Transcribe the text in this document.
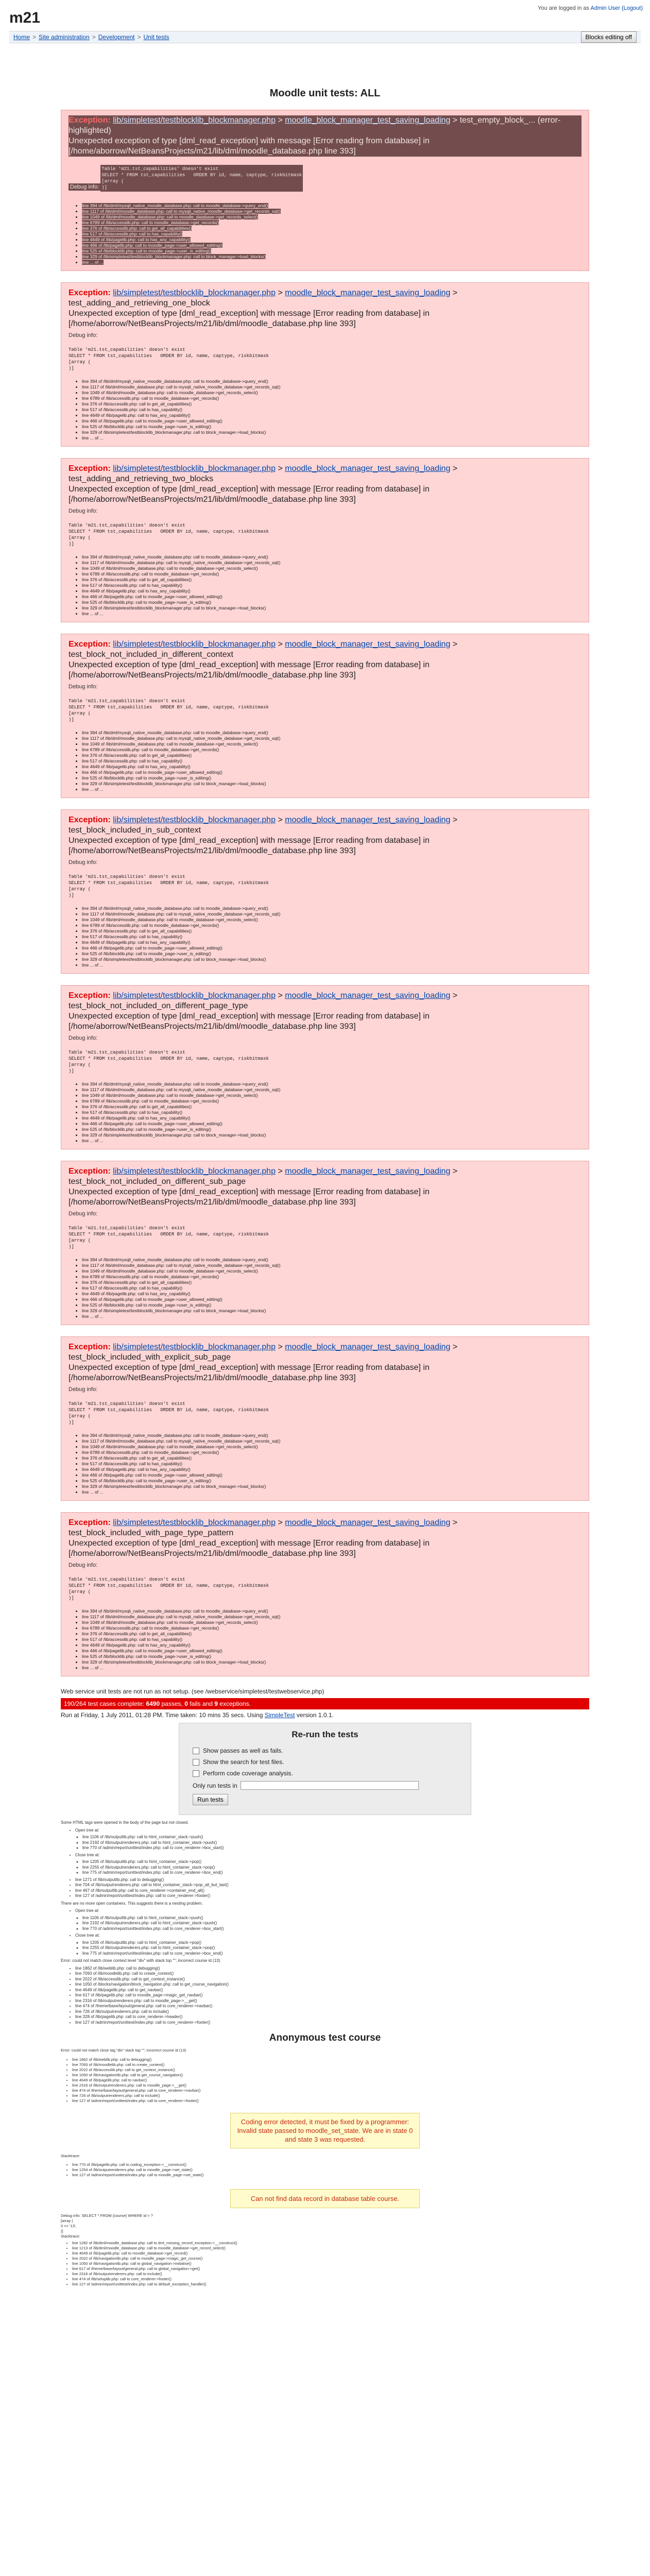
m21
You are logged in as Admin User (Logout)
Home > Site administration > Development > Unit tests	Blocks editing off
Moodle unit tests: ALL
Exception: lib/simpletest/testblocklib_blockmanager.php > moodle_block_manager_test_saving_loading > test_empty_block_... (error-highlighted)
Unexpected exception of type [dml_read_exception] with message [Error reading from database] in [/home/aborrow/NetBeansProjects/m21/lib/dml/moodle_database.php line 393]
Debug info:
Table 'm21.tst_capabilities' doesn't exist
SELECT * FROM tst_capabilities   ORDER BY id, name, captype, riskbitmask
[array (
)]
• line 394 of /lib/dml/mysqli_native_moodle_database.php: call to moodle_database->query_end()
• line 1117 of /lib/dml/moodle_database.php: call to mysqli_native_moodle_database->get_records_sql()
• line 1049 of /lib/dml/moodle_database.php: call to moodle_database->get_records_select()
• line 6789 of /lib/accesslib.php: call to moodle_database->get_records()
• line 376 of /lib/accesslib.php: call to get_all_capabilities()
• line 517 of /lib/accesslib.php: call to has_capability()
• line 4649 of /lib/pagelib.php: call to has_any_capability()
• line 466 of /lib/pagelib.php: call to moodle_page->user_allowed_editing()
• line 525 of /lib/blocklib.php: call to moodle_page->user_is_editing()
• line 329 of /lib/simpletest/testblocklib_blockmanager.php: call to block_manager->load_blocks()
• line ... of ...
Exception: lib/simpletest/testblocklib_blockmanager.php > moodle_block_manager_test_saving_loading > test_adding_and_retrieving_one_block
Unexpected exception of type [dml_read_exception] with message [Error reading from database] in [/home/aborrow/NetBeansProjects/m21/lib/dml/moodle_database.php line 393]
Debug info:
Table 'm21.tst_capabilities' doesn't exist
SELECT * FROM tst_capabilities   ORDER BY id, name, captype, riskbitmask
[array (
)]
• line 394 of /lib/dml/mysqli_native_moodle_database.php: call to moodle_database->query_end()
• line 1117 of /lib/dml/moodle_database.php: call to mysqli_native_moodle_database->get_records_sql()
• line 1049 of /lib/dml/moodle_database.php: call to moodle_database->get_records_select()
• line 6789 of /lib/accesslib.php: call to moodle_database->get_records()
• line 376 of /lib/accesslib.php: call to get_all_capabilities()
• line 517 of /lib/accesslib.php: call to has_capability()
• line 4649 of /lib/pagelib.php: call to has_any_capability()
• line 466 of /lib/pagelib.php: call to moodle_page->user_allowed_editing()
• line 525 of /lib/blocklib.php: call to moodle_page->user_is_editing()
• line 329 of /lib/simpletest/testblocklib_blockmanager.php: call to block_manager->load_blocks()
• line ... of ...
Exception: lib/simpletest/testblocklib_blockmanager.php > moodle_block_manager_test_saving_loading > test_adding_and_retrieving_two_blocks
Unexpected exception of type [dml_read_exception] with message [Error reading from database] in [/home/aborrow/NetBeansProjects/m21/lib/dml/moodle_database.php line 393]
Debug info:
Table 'm21.tst_capabilities' doesn't exist
SELECT * FROM tst_capabilities   ORDER BY id, name, captype, riskbitmask
[array (
)]
• line 394 of /lib/dml/mysqli_native_moodle_database.php: call to moodle_database->query_end()
• line 1117 of /lib/dml/moodle_database.php: call to mysqli_native_moodle_database->get_records_sql()
• line 1049 of /lib/dml/moodle_database.php: call to moodle_database->get_records_select()
• line 6789 of /lib/accesslib.php: call to moodle_database->get_records()
• line 376 of /lib/accesslib.php: call to get_all_capabilities()
• line 517 of /lib/accesslib.php: call to has_capability()
• line 4649 of /lib/pagelib.php: call to has_any_capability()
• line 466 of /lib/pagelib.php: call to moodle_page->user_allowed_editing()
• line 525 of /lib/blocklib.php: call to moodle_page->user_is_editing()
• line 329 of /lib/simpletest/testblocklib_blockmanager.php: call to block_manager->load_blocks()
• line ... of ...
Exception: lib/simpletest/testblocklib_blockmanager.php > moodle_block_manager_test_saving_loading > test_block_not_included_in_different_context
Unexpected exception of type [dml_read_exception] with message [Error reading from database] in [/home/aborrow/NetBeansProjects/m21/lib/dml/moodle_database.php line 393]
Debug info:
Table 'm21.tst_capabilities' doesn't exist
SELECT * FROM tst_capabilities   ORDER BY id, name, captype, riskbitmask
[array (
)]
• line 394 of /lib/dml/mysqli_native_moodle_database.php: call to moodle_database->query_end()
• line 1117 of /lib/dml/moodle_database.php: call to mysqli_native_moodle_database->get_records_sql()
• line 1049 of /lib/dml/moodle_database.php: call to moodle_database->get_records_select()
• line 6789 of /lib/accesslib.php: call to moodle_database->get_records()
• line 376 of /lib/accesslib.php: call to get_all_capabilities()
• line 517 of /lib/accesslib.php: call to has_capability()
• line 4649 of /lib/pagelib.php: call to has_any_capability()
• line 466 of /lib/pagelib.php: call to moodle_page->user_allowed_editing()
• line 525 of /lib/blocklib.php: call to moodle_page->user_is_editing()
• line 329 of /lib/simpletest/testblocklib_blockmanager.php: call to block_manager->load_blocks()
• line ... of ...
Exception: lib/simpletest/testblocklib_blockmanager.php > moodle_block_manager_test_saving_loading > test_block_included_in_sub_context
Unexpected exception of type [dml_read_exception] with message [Error reading from database] in [/home/aborrow/NetBeansProjects/m21/lib/dml/moodle_database.php line 393]
Debug info:
Table 'm21.tst_capabilities' doesn't exist
SELECT * FROM tst_capabilities   ORDER BY id, name, captype, riskbitmask
[array (
)]
• line 394 of /lib/dml/mysqli_native_moodle_database.php: call to moodle_database->query_end()
• line 1117 of /lib/dml/moodle_database.php: call to mysqli_native_moodle_database->get_records_sql()
• line 1049 of /lib/dml/moodle_database.php: call to moodle_database->get_records_select()
• line 6789 of /lib/accesslib.php: call to moodle_database->get_records()
• line 376 of /lib/accesslib.php: call to get_all_capabilities()
• line 517 of /lib/accesslib.php: call to has_capability()
• line 4649 of /lib/pagelib.php: call to has_any_capability()
• line 466 of /lib/pagelib.php: call to moodle_page->user_allowed_editing()
• line 525 of /lib/blocklib.php: call to moodle_page->user_is_editing()
• line 329 of /lib/simpletest/testblocklib_blockmanager.php: call to block_manager->load_blocks()
• line ... of ...
Exception: lib/simpletest/testblocklib_blockmanager.php > moodle_block_manager_test_saving_loading > test_block_not_included_on_different_page_type
Unexpected exception of type [dml_read_exception] with message [Error reading from database] in [/home/aborrow/NetBeansProjects/m21/lib/dml/moodle_database.php line 393]
Debug info:
Table 'm21.tst_capabilities' doesn't exist
SELECT * FROM tst_capabilities   ORDER BY id, name, captype, riskbitmask
[array (
)]
• line 394 of /lib/dml/mysqli_native_moodle_database.php: call to moodle_database->query_end()
• line 1117 of /lib/dml/moodle_database.php: call to mysqli_native_moodle_database->get_records_sql()
• line 1049 of /lib/dml/moodle_database.php: call to moodle_database->get_records_select()
• line 6789 of /lib/accesslib.php: call to moodle_database->get_records()
• line 376 of /lib/accesslib.php: call to get_all_capabilities()
• line 517 of /lib/accesslib.php: call to has_capability()
• line 4649 of /lib/pagelib.php: call to has_any_capability()
• line 466 of /lib/pagelib.php: call to moodle_page->user_allowed_editing()
• line 525 of /lib/blocklib.php: call to moodle_page->user_is_editing()
• line 329 of /lib/simpletest/testblocklib_blockmanager.php: call to block_manager->load_blocks()
• line ... of ...
Exception: lib/simpletest/testblocklib_blockmanager.php > moodle_block_manager_test_saving_loading > test_block_not_included_on_different_sub_page
Unexpected exception of type [dml_read_exception] with message [Error reading from database] in [/home/aborrow/NetBeansProjects/m21/lib/dml/moodle_database.php line 393]
Debug info:
Table 'm21.tst_capabilities' doesn't exist
SELECT * FROM tst_capabilities   ORDER BY id, name, captype, riskbitmask
[array (
)]
• line 394 of /lib/dml/mysqli_native_moodle_database.php: call to moodle_database->query_end()
• line 1117 of /lib/dml/moodle_database.php: call to mysqli_native_moodle_database->get_records_sql()
• line 1049 of /lib/dml/moodle_database.php: call to moodle_database->get_records_select()
• line 6789 of /lib/accesslib.php: call to moodle_database->get_records()
• line 376 of /lib/accesslib.php: call to get_all_capabilities()
• line 517 of /lib/accesslib.php: call to has_capability()
• line 4649 of /lib/pagelib.php: call to has_any_capability()
• line 466 of /lib/pagelib.php: call to moodle_page->user_allowed_editing()
• line 525 of /lib/blocklib.php: call to moodle_page->user_is_editing()
• line 329 of /lib/simpletest/testblocklib_blockmanager.php: call to block_manager->load_blocks()
• line ... of ...
Exception: lib/simpletest/testblocklib_blockmanager.php > moodle_block_manager_test_saving_loading > test_block_included_with_explicit_sub_page
Unexpected exception of type [dml_read_exception] with message [Error reading from database] in [/home/aborrow/NetBeansProjects/m21/lib/dml/moodle_database.php line 393]
Debug info:
Table 'm21.tst_capabilities' doesn't exist
SELECT * FROM tst_capabilities   ORDER BY id, name, captype, riskbitmask
[array (
)]
• line 394 of /lib/dml/mysqli_native_moodle_database.php: call to moodle_database->query_end()
• line 1117 of /lib/dml/moodle_database.php: call to mysqli_native_moodle_database->get_records_sql()
• line 1049 of /lib/dml/moodle_database.php: call to moodle_database->get_records_select()
• line 6789 of /lib/accesslib.php: call to moodle_database->get_records()
• line 376 of /lib/accesslib.php: call to get_all_capabilities()
• line 517 of /lib/accesslib.php: call to has_capability()
• line 4649 of /lib/pagelib.php: call to has_any_capability()
• line 466 of /lib/pagelib.php: call to moodle_page->user_allowed_editing()
• line 525 of /lib/blocklib.php: call to moodle_page->user_is_editing()
• line 329 of /lib/simpletest/testblocklib_blockmanager.php: call to block_manager->load_blocks()
• line ... of ...
Exception: lib/simpletest/testblocklib_blockmanager.php > moodle_block_manager_test_saving_loading > test_block_included_with_page_type_pattern
Unexpected exception of type [dml_read_exception] with message [Error reading from database] in [/home/aborrow/NetBeansProjects/m21/lib/dml/moodle_database.php line 393]
Debug info:
Table 'm21.tst_capabilities' doesn't exist
SELECT * FROM tst_capabilities   ORDER BY id, name, captype, riskbitmask
[array (
)]
• line 394 of /lib/dml/mysqli_native_moodle_database.php: call to moodle_database->query_end()
• line 1117 of /lib/dml/moodle_database.php: call to mysqli_native_moodle_database->get_records_sql()
• line 1049 of /lib/dml/moodle_database.php: call to moodle_database->get_records_select()
• line 6789 of /lib/accesslib.php: call to moodle_database->get_records()
• line 376 of /lib/accesslib.php: call to get_all_capabilities()
• line 517 of /lib/accesslib.php: call to has_capability()
• line 4649 of /lib/pagelib.php: call to has_any_capability()
• line 466 of /lib/pagelib.php: call to moodle_page->user_allowed_editing()
• line 525 of /lib/blocklib.php: call to moodle_page->user_is_editing()
• line 329 of /lib/simpletest/testblocklib_blockmanager.php: call to block_manager->load_blocks()
• line ... of ...
Web service unit tests are not run as not setup. (see /webservice/simpletest/testwebservice.php)
190/264 test cases complete: 6490 passes, 0 fails and 9 exceptions.
Run at Friday, 1 July 2011, 01:28 PM. Time taken: 10 mins 35 secs. Using SimpleTest version 1.0.1.
Re-run the tests
Show passes as well as fails.
Show the search for test files.
Perform code coverage analysis.
Only run tests in
Run tests

Some HTML tags were opened in the body of the page but not closed.

• Open tree at:
◦ line 1106 of /lib/outputlib.php: call to html_container_stack->push()
◦ line 2192 of /lib/outputrenderers.php: call to html_container_stack->push()
◦ line 770 of /admin/report/unittest/index.php: call to core_renderer->box_start()
• Close tree at:
◦ line 1205 of /lib/outputlib.php: call to html_container_stack->pop()
◦ line 2255 of /lib/outputrenderers.php: call to html_container_stack->pop()
◦ line 775 of /admin/report/unittest/index.php: call to core_renderer->box_end()
• line 1271 of /lib/outputlib.php: call to debugging()
• line 704 of /lib/outputrenderers.php: call to html_container_stack->pop_all_but_last()
• line 467 of /lib/outputlib.php: call to core_renderer->container_end_all()
• line 127 of /admin/report/unittest/index.php: call to core_renderer->footer()

There are no more open containers. This suggests there is a nesting problem.

• Open tree at:
◦ line 1106 of /lib/outputlib.php: call to html_container_stack->push()
◦ line 2192 of /lib/outputrenderers.php: call to html_container_stack->push()
◦ line 770 of /admin/report/unittest/index.php: call to core_renderer->box_start()
• Close tree at:
◦ line 1205 of /lib/outputlib.php: call to html_container_stack->pop()
◦ line 2255 of /lib/outputrenderers.php: call to html_container_stack->pop()
◦ line 775 of /admin/report/unittest/index.php: call to core_renderer->box_end()

Error: could not match close context level "div" with stack top ""; incorrect course id (13)

• line 1862 of /lib/weblib.php: call to debugging()
• line 7093 of /lib/moodlelib.php: call to create_context()
• line 2022 of /lib/accesslib.php: call to get_context_instance()
• line 1050 of /blocks/navigation/block_navigation.php: call to get_course_navigation()
• line 4649 of /lib/pagelib.php: call to get_navbar()
• line 617 of /lib/pagelib.php: call to moodle_page->magic_get_navbar()
• line 2316 of /lib/outputrenderers.php: call to moodle_page->__get()
• line 474 of /theme/base/layout/general.php: call to core_renderer->navbar()
• line 726 of /lib/outputrenderers.php: call to include()
• line 328 of /lib/pagelib.php: call to core_renderer->header()
• line 127 of /admin/report/unittest/index.php: call to core_renderer->footer()
Anonymous test course

Error: could not match close tag "div" stack top ""; incorrect course id (13)

• line 1862 of /lib/weblib.php: call to debugging()
• line 7093 of /lib/moodlelib.php: call to create_context()
• line 2022 of /lib/accesslib.php: call to get_context_instance()
• line 1050 of /lib/navigationlib.php: call to get_course_navigation()
• line 4649 of /lib/pagelib.php: call to navbar()
• line 2316 of /lib/outputrenderers.php: call to moodle_page->__get()
• line 474 of /theme/base/layout/general.php: call to core_renderer->navbar()
• line 726 of /lib/outputrenderers.php: call to include()
• line 127 of /admin/report/unittest/index.php: call to core_renderer->footer()
Coding error detected, it must be fixed by a programmer: Invalid state passed to moodle_set_state. We are in state 0 and state 3 was requested.

Stacktrace:

• line 770 of /lib/pagelib.php: call to coding_exception->__construct()
• line 1254 of /lib/outputrenderers.php: call to moodle_page->set_state()
• line 127 of /admin/report/unittest/index.php: call to moodle_page->set_state()
Can not find data record in database table course.
Debug info: SELECT * FROM {course} WHERE id = ?
[array (
0 => '13',
)]
Stacktrace:
• line 1282 of /lib/dml/moodle_database.php: call to dml_missing_record_exception->__construct()
• line 1213 of /lib/dml/moodle_database.php: call to moodle_database->get_record_select()
• line 4649 of /lib/pagelib.php: call to moodle_database->get_record()
• line 2022 of /lib/navigationlib.php: call to moodle_page->magic_get_course()
• line 1050 of /lib/navigationlib.php: call to global_navigation->initialise()
• line 617 of /theme/base/layout/general.php: call to global_navigation->get()
• line 2316 of /lib/outputrenderers.php: call to include()
• line 474 of /lib/setuplib.php: call to core_renderer->footer()
• line 127 of /admin/report/unittest/index.php: call to default_exception_handler()
